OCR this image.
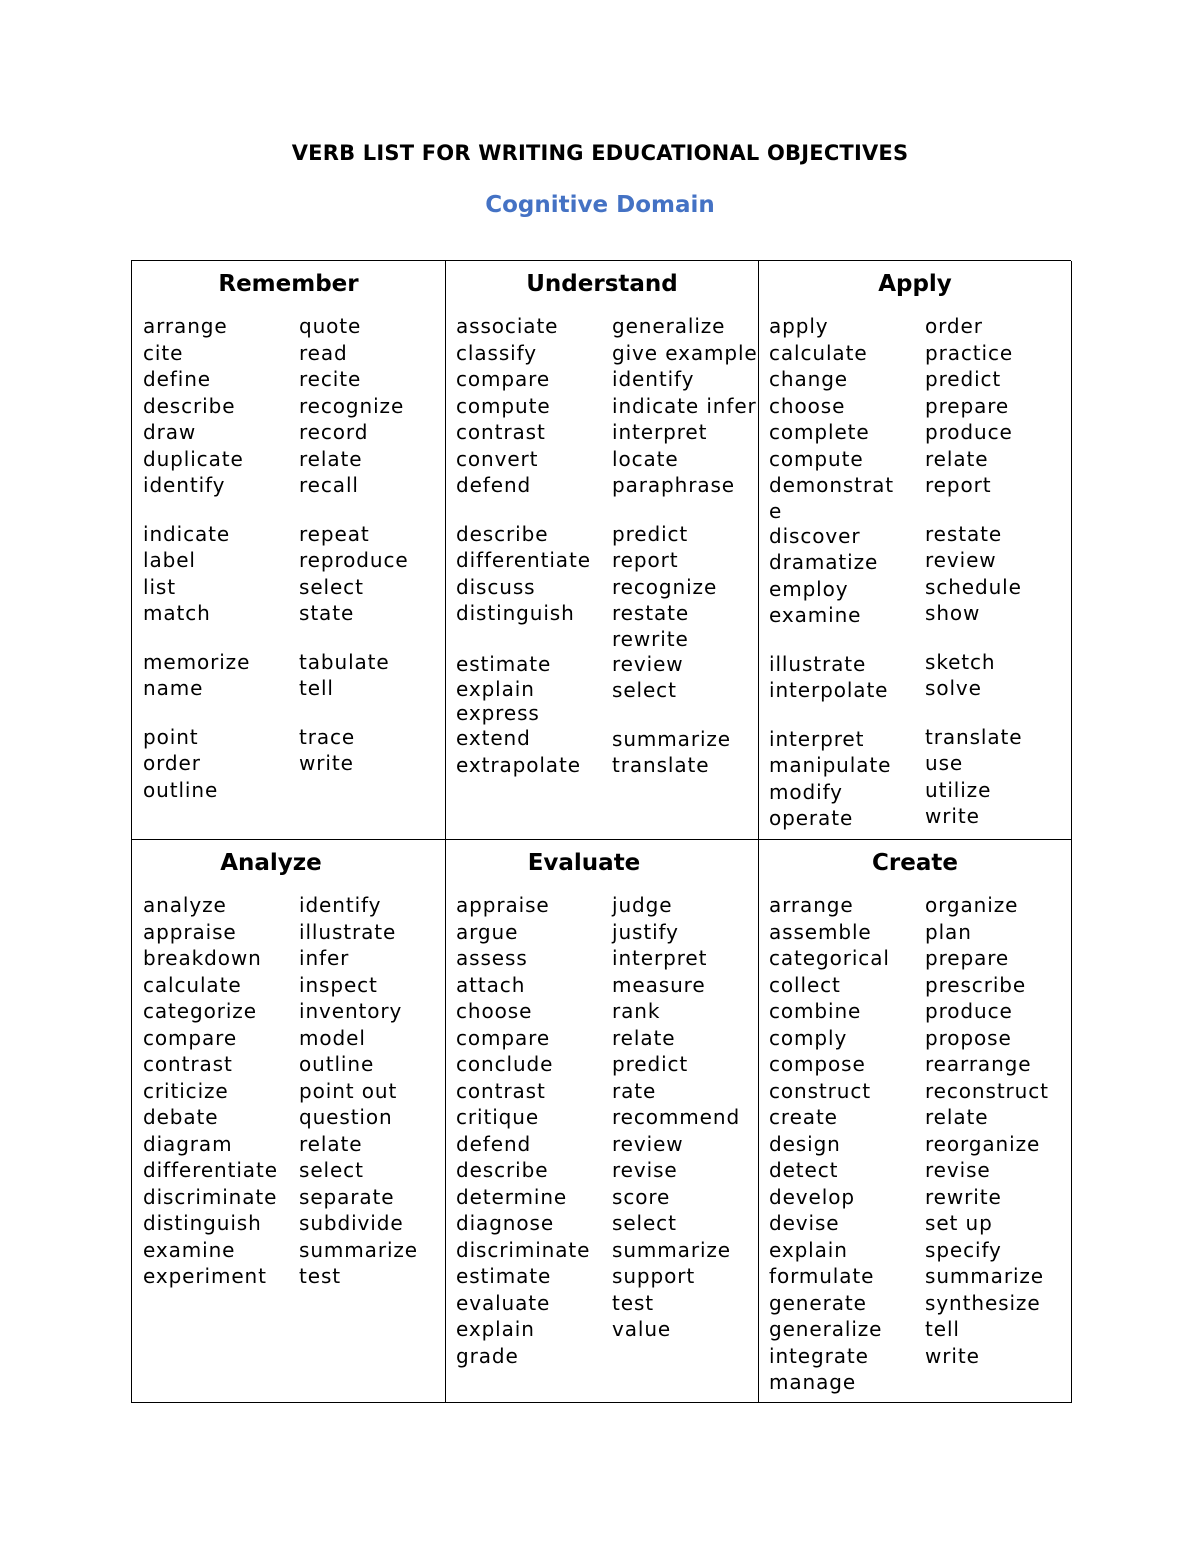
VERB LIST FOR WRITING EDUCATIONAL OBJECTIVES
Cognitive Domain
Remember
arrange
cite
define
describe
draw
duplicate
identify
indicate
label
list
match
memorize
name
point
order
outline
quote
read
recite
recognize
record
relate
recall
repeat
reproduce
select
state
tabulate
tell
trace
write
Understand
associate
classify
compare
compute
contrast
convert
defend
describe
differentiate
discuss
distinguish
estimate
explain
express
extend
extrapolate
generalize
give example
identify
indicate infer
interpret
locate
paraphrase
predict
report
recognize
restate
rewrite
review
select
summarize
translate
Apply
apply
calculate
change
choose
complete
compute
demonstrat
e
discover
dramatize
employ
examine
illustrate
interpolate
interpret
manipulate
modify
operate
order
practice
predict
prepare
produce
relate
report
restate
review
schedule
show
sketch
solve
translate
use
utilize
write
Analyze
analyze
appraise
breakdown
calculate
categorize
compare
contrast
criticize
debate
diagram
differentiate
discriminate
distinguish
examine
experiment
identify
illustrate
infer
inspect
inventory
model
outline
point out
question
relate
select
separate
subdivide
summarize
test
Evaluate
appraise
argue
assess
attach
choose
compare
conclude
contrast
critique
defend
describe
determine
diagnose
discriminate
estimate
evaluate
explain
grade
judge
justify
interpret
measure
rank
relate
predict
rate
recommend
review
revise
score
select
summarize
support
test
value
Create
arrange
assemble
categorical
collect
combine
comply
compose
construct
create
design
detect
develop
devise
explain
formulate
generate
generalize
integrate
manage
organize
plan
prepare
prescribe
produce
propose
rearrange
reconstruct
relate
reorganize
revise
rewrite
set up
specify
summarize
synthesize
tell
write
